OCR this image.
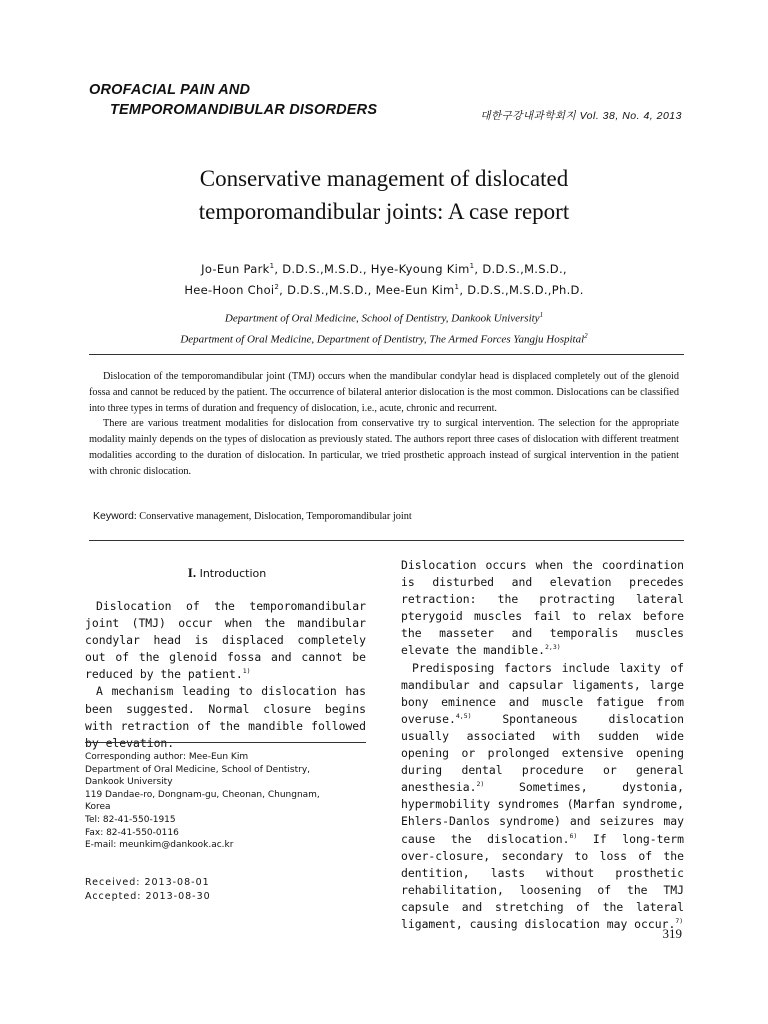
OROFACIAL PAIN AND
TEMPOROMANDIBULAR DISORDERS	대한구강내과학회지 Vol. 38, No. 4, 2013
Conservative management of dislocated
temporomandibular joints: A case report
Jo-Eun Park$^1$, D.D.S.,M.S.D., Hye-Kyoung Kim$^1$, D.D.S.,M.S.D.,
Hee-Hoon Choi$^2$, D.D.S.,M.S.D., Mee-Eun Kim$^1$, D.D.S.,M.S.D.,Ph.D.
Department of Oral Medicine, School of Dentistry, Dankook University$^1$
Department of Oral Medicine, Department of Dentistry, The Armed Forces Yangju Hospital$^2$

Dislocation of the temporomandibular joint (TMJ) occurs when the mandibular condylar head is displaced completely out of the glenoid fossa and cannot be reduced by the patient. The occurrence of bilateral anterior dislocation is the most common. Dislocations can be classified into three types in terms of duration and frequency of dislocation, i.e., acute, chronic and recurrent.

There are various treatment modalities for dislocation from conservative try to surgical intervention. The selection for the appropriate modality mainly depends on the types of dislocation as previously stated. The authors report three cases of dislocation with different treatment modalities according to the duration of dislocation. In particular, we tried prosthetic approach instead of surgical intervention in the patient with chronic dislocation.

Keyword: Conservative management, Dislocation, Temporomandibular joint
I. Introduction

Dislocation of the temporomandibular joint (TMJ) occur when the mandibular condylar head is displaced completely out of the glenoid fossa and cannot be reduced by the patient.$^{1)}$

A mechanism leading to dislocation has been suggested. Normal closure begins with retraction of the mandible followed by elevation.

Dislocation occurs when the coordination is disturbed and elevation precedes retraction: the protracting lateral pterygoid muscles fail to relax before the masseter and temporalis muscles elevate the mandible.$^{2,3)}$

Predisposing factors include laxity of mandibular and capsular ligaments, large bony eminence and muscle fatigue from overuse.$^{4,5)}$ Spontaneous dislocation usually associated with sudden wide opening or prolonged extensive opening during dental procedure or general anesthesia.$^{2)}$ Sometimes, dystonia, hypermobility syndromes (Marfan syndrome, Ehlers-Danlos syndrome) and seizures may cause the dislocation.$^{6)}$ If long-term over-closure, secondary to loss of the dentition, lasts without prosthetic rehabilitation, loosening of the TMJ capsule and stretching of the lateral ligament, causing dislocation may occur.$^{7)}$

Corresponding author: Mee-Eun Kim
Department of Oral Medicine, School of Dentistry,
Dankook University
119 Dandae-ro, Dongnam-gu, Cheonan, Chungnam,
Korea
Tel: 82-41-550-1915
Fax: 82-41-550-0116
E-mail: meunkim@dankook.ac.kr
Received: 2013-08-01
Accepted: 2013-08-30
319
